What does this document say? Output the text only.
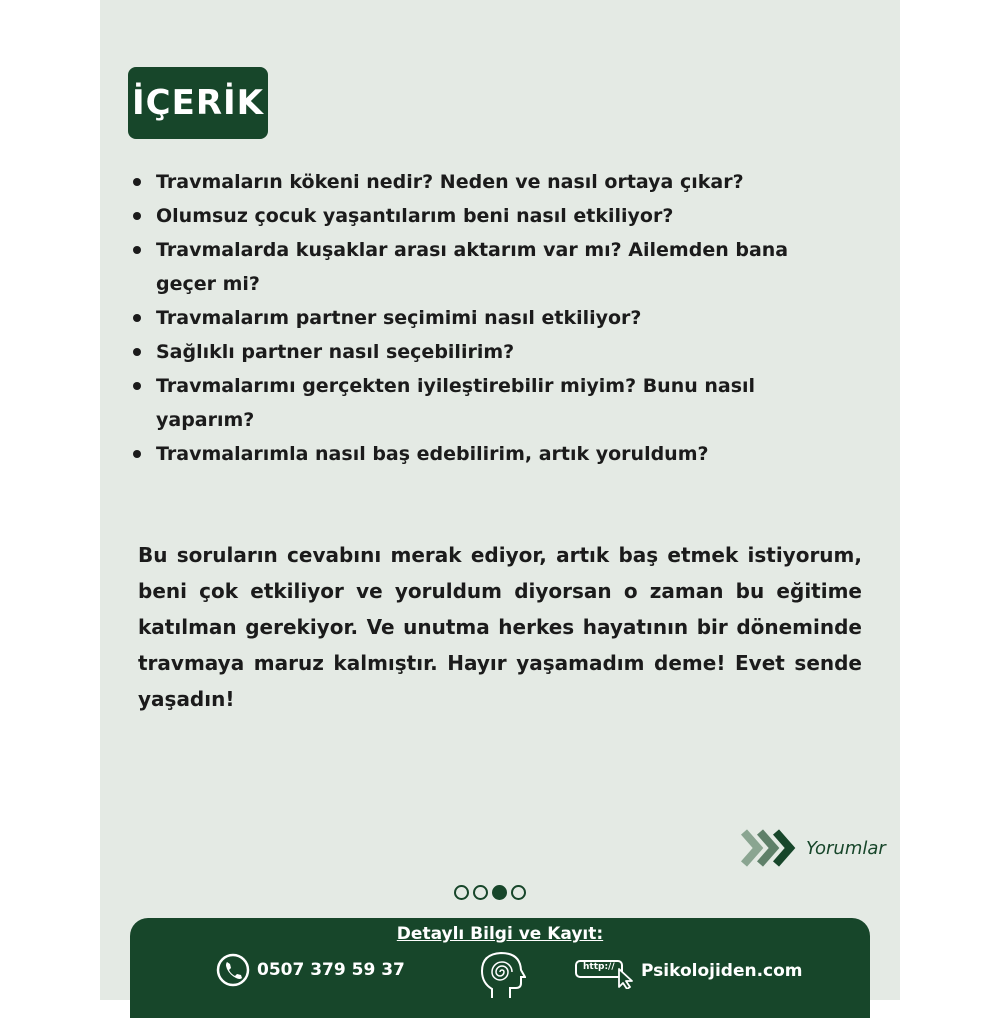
İÇERİK
Travmaların kökeni nedir? Neden ve nasıl ortaya çıkar?
Olumsuz çocuk yaşantılarım beni nasıl etkiliyor?
Travmalarda kuşaklar arası aktarım var mı? Ailemden bana geçer mi?
Travmalarım partner seçimimi nasıl etkiliyor?
Sağlıklı partner nasıl seçebilirim?
Travmalarımı gerçekten iyileştirebilir miyim? Bunu nasıl yaparım?
Travmalarımla nasıl baş edebilirim, artık yoruldum?
Bu soruların cevabını merak ediyor, artık baş etmek istiyorum, beni çok etkiliyor ve yoruldum diyorsan o zaman bu eğitime katılman gerekiyor. Ve unutma herkes hayatının bir döneminde travmaya maruz kalmıştır. Hayır yaşamadım deme! Evet sende yaşadın!
Yorumlar
Detaylı Bilgi ve Kayıt:
0507 379 59 37	http:// Psikolojiden.com
